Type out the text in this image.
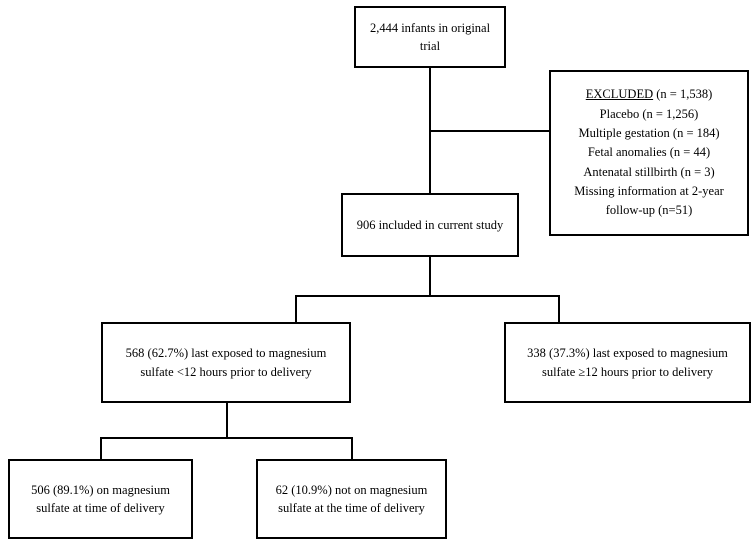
2,444 infants in original trial
EXCLUDED (n = 1,538)
Placebo (n = 1,256)
Multiple gestation (n = 184)
Fetal anomalies (n = 44)
Antenatal stillbirth (n = 3)
Missing information at 2-year follow-up (n=51)
906 included in current study
568 (62.7%) last exposed to magnesium sulfate <12 hours prior to delivery
338 (37.3%) last exposed to magnesium sulfate ≥12 hours prior to delivery
506 (89.1%) on magnesium sulfate at time of delivery
62 (10.9%) not on magnesium sulfate at the time of delivery
